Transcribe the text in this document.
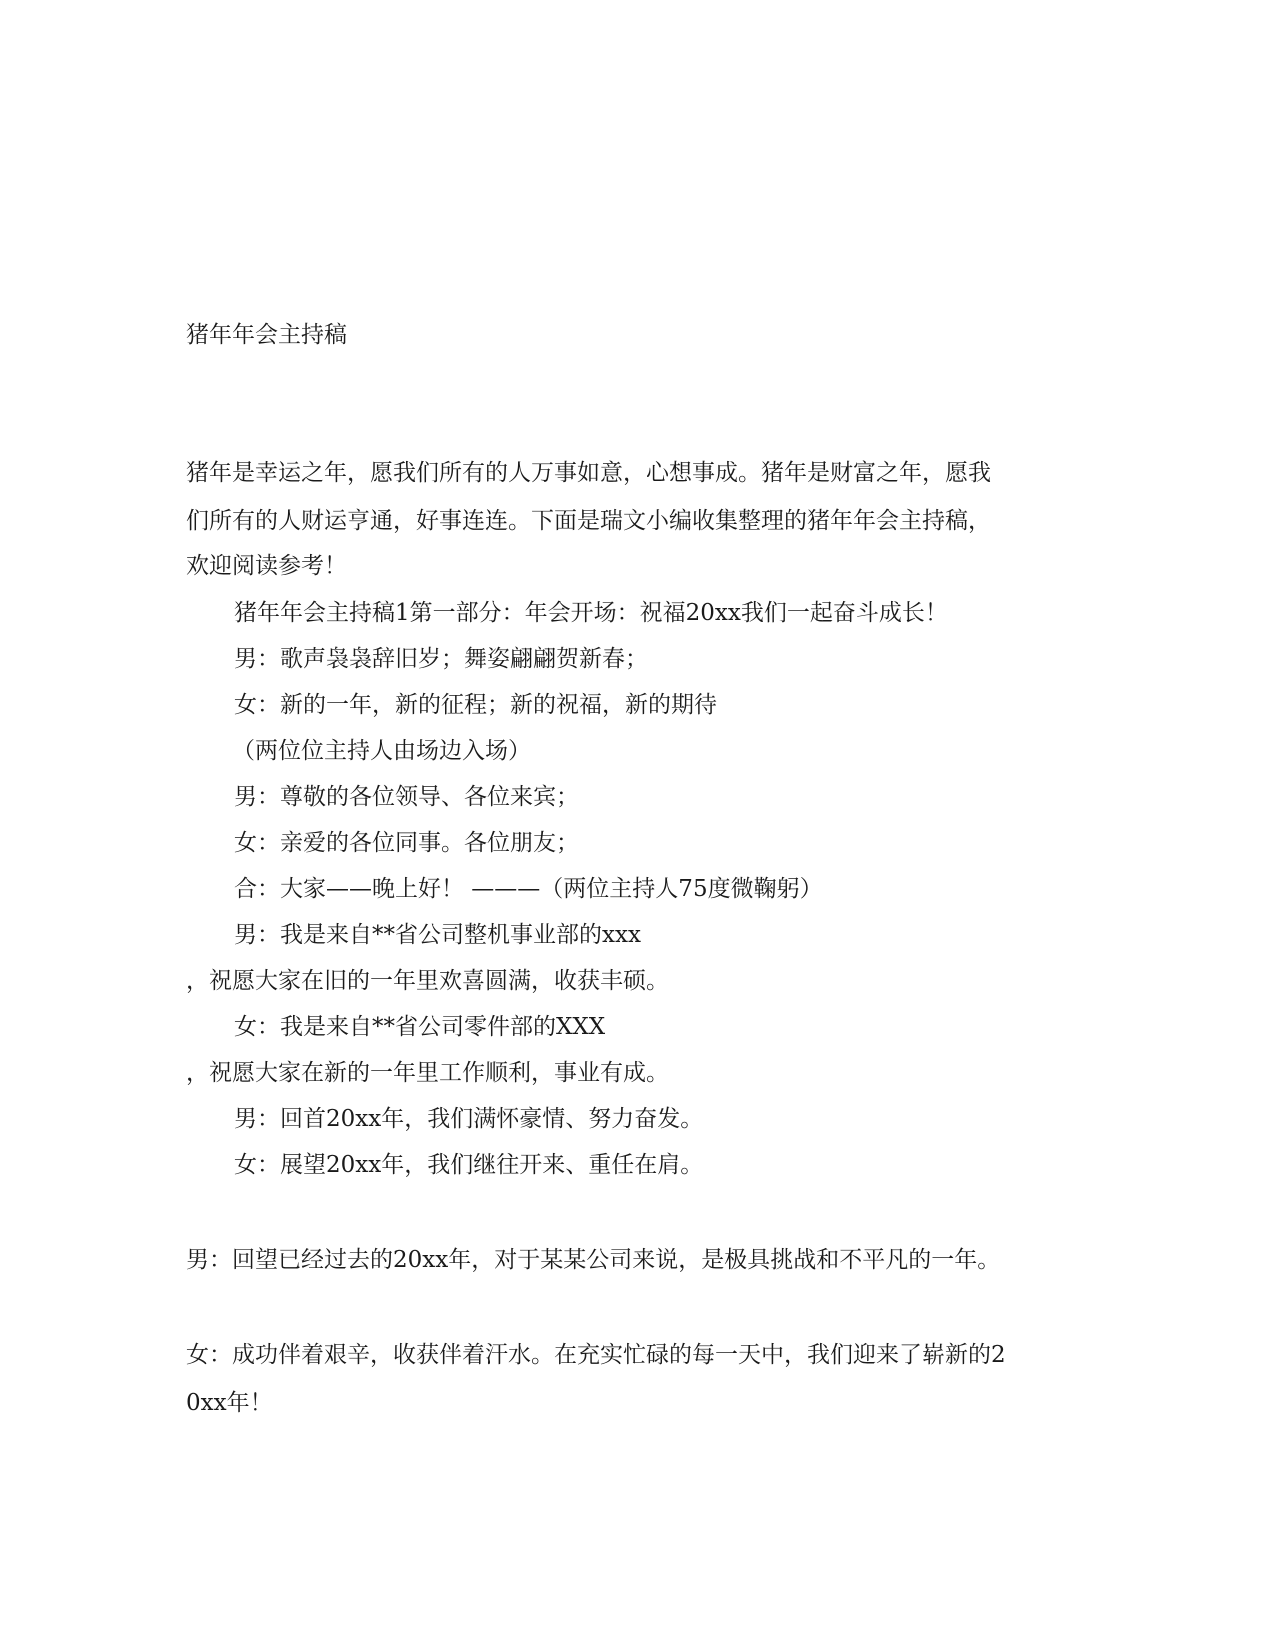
猪年年会主持稿
猪年是幸运之年，愿我们所有的人万事如意，心想事成。猪年是财富之年，愿我
们所有的人财运亨通，好事连连。下面是瑞文小编收集整理的猪年年会主持稿，
欢迎阅读参考！
猪年年会主持稿1第一部分：年会开场：祝福20xx我们一起奋斗成长！
男：歌声袅袅辞旧岁；舞姿翩翩贺新春；
女：新的一年，新的征程；新的祝福，新的期待
（两位位主持人由场边入场）
男：尊敬的各位领导、各位来宾；
女：亲爱的各位同事。各位朋友；
合：大家——晚上好！ ———（两位主持人75度微鞠躬）
男：我是来自**省公司整机事业部的xxx
，祝愿大家在旧的一年里欢喜圆满，收获丰硕。
女：我是来自**省公司零件部的XXX
，祝愿大家在新的一年里工作顺利，事业有成。
男：回首20xx年，我们满怀豪情、努力奋发。
女：展望20xx年，我们继往开来、重任在肩。
男：回望已经过去的20xx年，对于某某公司来说，是极具挑战和不平凡的一年。
女：成功伴着艰辛，收获伴着汗水。在充实忙碌的每一天中，我们迎来了崭新的2
0xx年！
